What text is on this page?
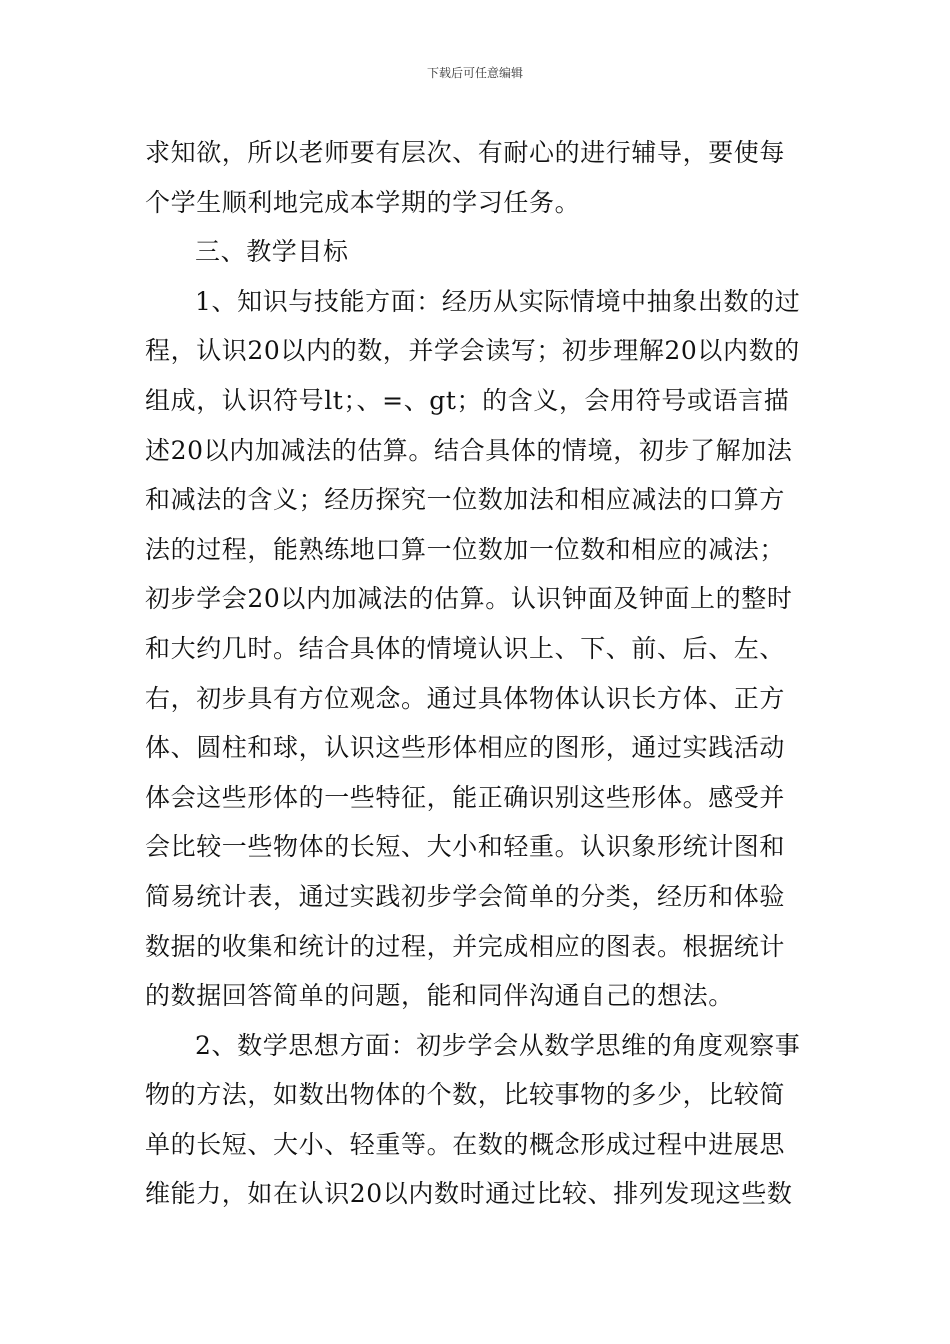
下载后可任意编辑
求知欲，所以老师要有层次、有耐心的进行辅导，要使每
个学生顺利地完成本学期的学习任务。
三、教学目标
1、知识与技能方面：经历从实际情境中抽象出数的过
程，认识20以内的数，并学会读写；初步理解20以内数的
组成，认识符号lt；、=、gt；的含义，会用符号或语言描
述20以内加减法的估算。结合具体的情境，初步了解加法
和减法的含义；经历探究一位数加法和相应减法的口算方
法的过程，能熟练地口算一位数加一位数和相应的减法；
初步学会20以内加减法的估算。认识钟面及钟面上的整时
和大约几时。结合具体的情境认识上、下、前、后、左、
右，初步具有方位观念。通过具体物体认识长方体、正方
体、圆柱和球，认识这些形体相应的图形，通过实践活动
体会这些形体的一些特征，能正确识别这些形体。感受并
会比较一些物体的长短、大小和轻重。认识象形统计图和
简易统计表，通过实践初步学会简单的分类，经历和体验
数据的收集和统计的过程，并完成相应的图表。根据统计
的数据回答简单的问题，能和同伴沟通自己的想法。
2、数学思想方面：初步学会从数学思维的角度观察事
物的方法，如数出物体的个数，比较事物的多少，比较简
单的长短、大小、轻重等。在数的概念形成过程中进展思
维能力，如在认识20以内数时通过比较、排列发现这些数
